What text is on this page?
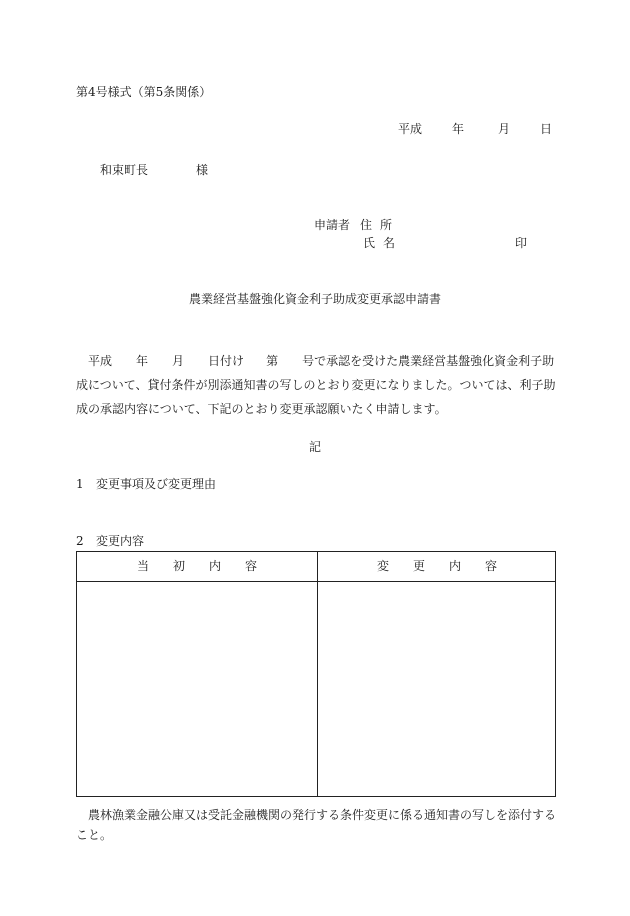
第4号様式（第5条関係）
平成	年	月	日
和束町長	様
申請者 住 所
氏 名	印
農業経営基盤強化資金利子助成変更承認申請書
平成 年 月 日付け 第 号で承認を受けた農業経営基盤強化資金利子助
成について、貸付条件が別添通知書の写しのとおり変更になりました。ついては、利子助
成の承認内容について、下記のとおり変更承認願いたく申請します。
記
1 変更事項及び変更理由
2 変更内容
当 初 内 容	変 更 内 容
農林漁業金融公庫又は受託金融機関の発行する条件変更に係る通知書の写しを添付する
こと。
